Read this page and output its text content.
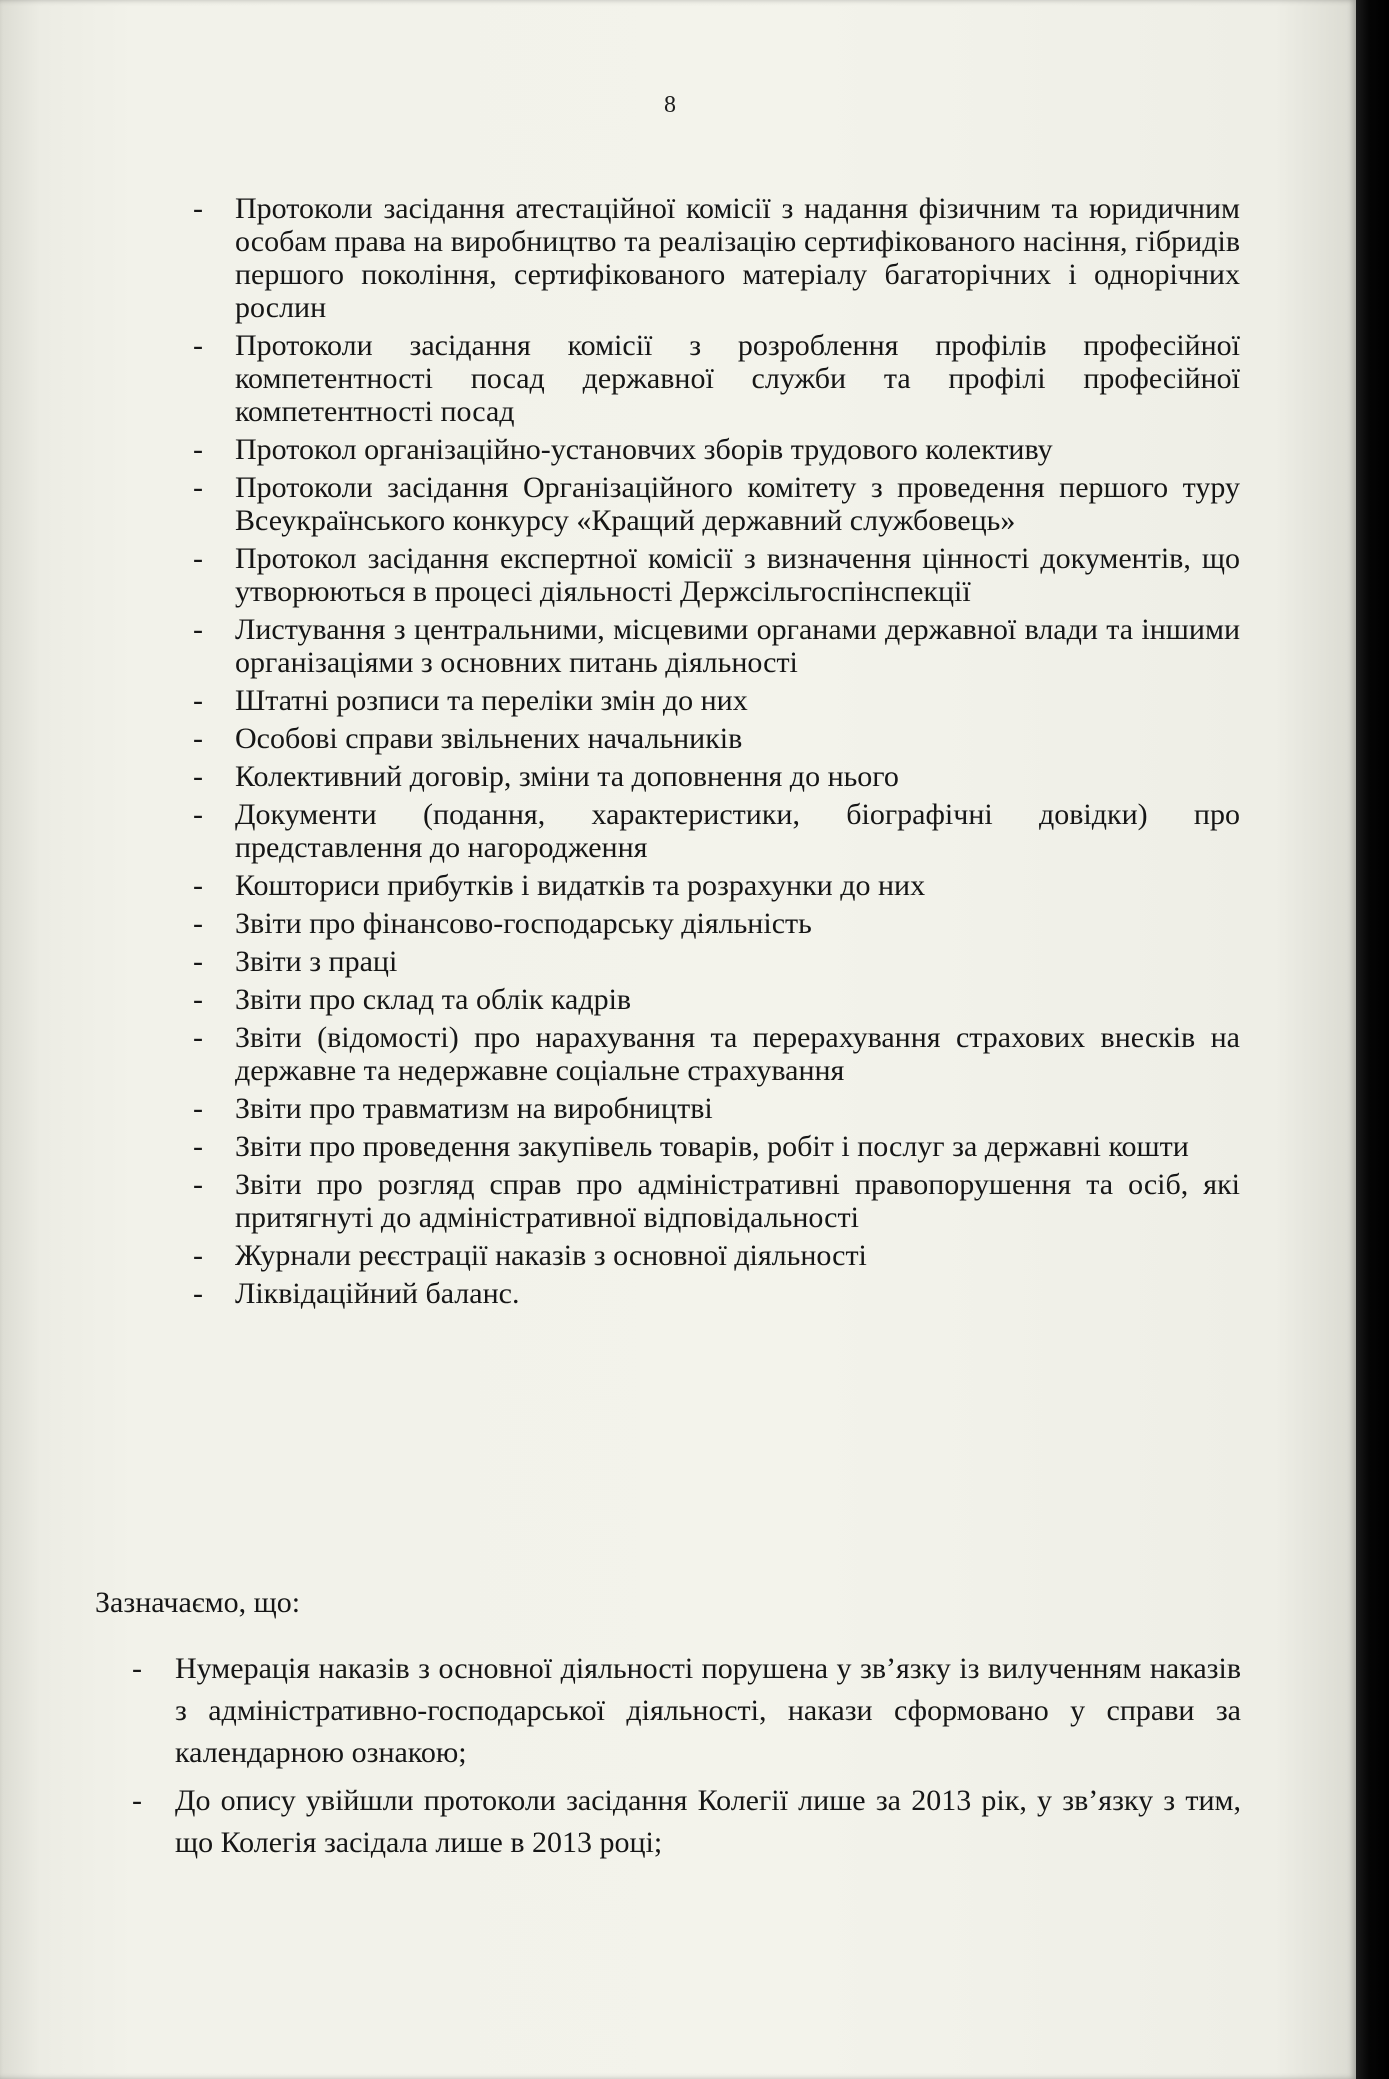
8
- Протоколи засідання атестаційної комісії з надання фізичним та юридичним особам права на виробництво та реалізацію сертифікованого насіння, гібридів першого покоління, сертифікованого матеріалу багаторічних і однорічних рослин
- Протоколи засідання комісії з розроблення профілів професійної компетентності посад державної служби та профілі професійної компетентності посад
- Протокол організаційно-установчих зборів трудового колективу
- Протоколи засідання Організаційного комітету з проведення першого туру Всеукраїнського конкурсу «Кращий державний службовець»
- Протокол засідання експертної комісії з визначення цінності документів, що утворюються в процесі діяльності Держсільгоспінспекції
- Листування з центральними, місцевими органами державної влади та іншими організаціями з основних питань діяльності
- Штатні розписи та переліки змін до них
- Особові справи звільнених начальників
- Колективний договір, зміни та доповнення до нього
- Документи (подання, характеристики, біографічні довідки) про представлення до нагородження
- Кошториси прибутків і видатків та розрахунки до них
- Звіти про фінансово-господарську діяльність
- Звіти з праці
- Звіти про склад та облік кадрів
- Звіти (відомості) про нарахування та перерахування страхових внесків на державне та недержавне соціальне страхування
- Звіти про травматизм на виробництві
- Звіти про проведення закупівель товарів, робіт і послуг за державні кошти
- Звіти про розгляд справ про адміністративні правопорушення та осіб, які притягнуті до адміністративної відповідальності
- Журнали реєстрації наказів з основної діяльності
- Ліквідаційний баланс.
Зазначаємо, що:
- Нумерація наказів з основної діяльності порушена у зв’язку із вилученням наказів з адміністративно-господарської діяльності, накази сформовано у справи за календарною ознакою;
- До опису увійшли протоколи засідання Колегії лише за 2013 рік, у зв’язку з тим, що Колегія засідала лише в 2013 році;
